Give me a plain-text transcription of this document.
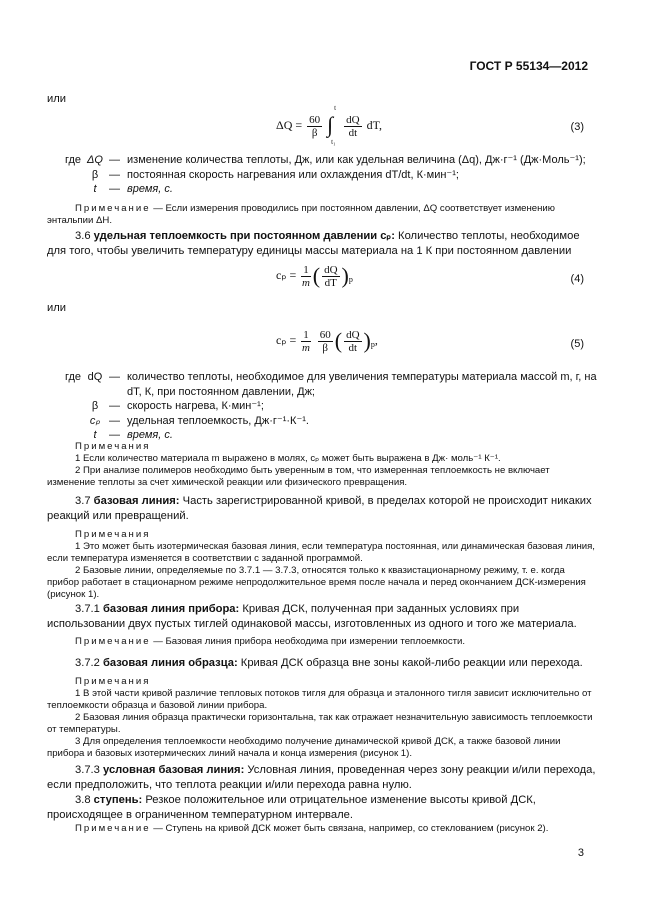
ГОСТ Р 55134—2012
или
$\Delta Q = \frac{60}{\beta}$
∫
t
t₁

$\frac{dQ}{dt}$ dT,	(3)
где ΔQ — изменение количества теплоты, Дж, или как удельная величина (Δq), Дж·г⁻¹ (Дж·Моль⁻¹);
β — постоянная скорость нагревания или охлаждения dT/dt, К·мин⁻¹;
t	— время, с.
Примечание — Если измерения проводились при постоянном давлении, ΔQ соответствует изменению энтальпии ΔH.
3.6 удельная теплоемкость при постоянном давлении cₚ: Количество теплоты, необходимое для того, чтобы увеличить температуру единицы массы материала на 1 К при постоянном давлении
$c_p = \frac{1}{m}$ ( $\frac{dQ}{dT} )_p$	(4)
или
$c_p = \frac{1}{m}$
$\frac{60}{\beta}$ ( $\frac{dQ}{dt} )_p$,	(5)
где dQ — количество теплоты, необходимое для увеличения температуры материала массой m, г, на dT, К, при постоянном давлении, Дж;
β — скорость нагрева, К·мин⁻¹;
cₚ — удельная теплоемкость, Дж·г⁻¹·К⁻¹.
t	— время, с.
Примечания
1 Если количество материала m выражено в молях, cₚ может быть выражена в Дж· моль⁻¹ К⁻¹.
2 При анализе полимеров необходимо быть уверенным в том, что измеренная теплоемкость не включает изменение теплоты за счет химической реакции или физического превращения.
3.7 базовая линия: Часть зарегистрированной кривой, в пределах которой не происходит никаких реакций или превращений.
Примечания
1 Это может быть изотермическая базовая линия, если температура постоянная, или динамическая базовая линия, если температура изменяется в соответствии с заданной программой.
2 Базовые линии, определяемые по 3.7.1 — 3.7.3, относятся только к квазистационарному режиму, т. е. когда прибор работает в стационарном режиме непродолжительное время после начала и перед окончанием ДСК-измерения (рисунок 1).
3.7.1 базовая линия прибора: Кривая ДСК, полученная при заданных условиях при использовании двух пустых тиглей одинаковой массы, изготовленных из одного и того же материала.
Примечание — Базовая линия прибора необходима при измерении теплоемкости.
3.7.2 базовая линия образца: Кривая ДСК образца вне зоны какой-либо реакции или перехода.
Примечания
1 В этой части кривой различие тепловых потоков тигля для образца и эталонного тигля зависит исключительно от теплоемкости образца и базовой линии прибора.
2 Базовая линия образца практически горизонтальна, так как отражает незначительную зависимость теплоемкости от температуры.
3 Для определения теплоемкости необходимо получение динамической кривой ДСК, а также базовой линии прибора и базовых изотермических линий начала и конца измерения (рисунок 1).
3.7.3 условная базовая линия: Условная линия, проведенная через зону реакции и/или перехода, если предположить, что теплота реакции и/или перехода равна нулю.
3.8 ступень: Резкое положительное или отрицательное изменение высоты кривой ДСК, происходящее в ограниченном температурном интервале.
Примечание — Ступень на кривой ДСК может быть связана, например, со стеклованием (рисунок 2).
3
